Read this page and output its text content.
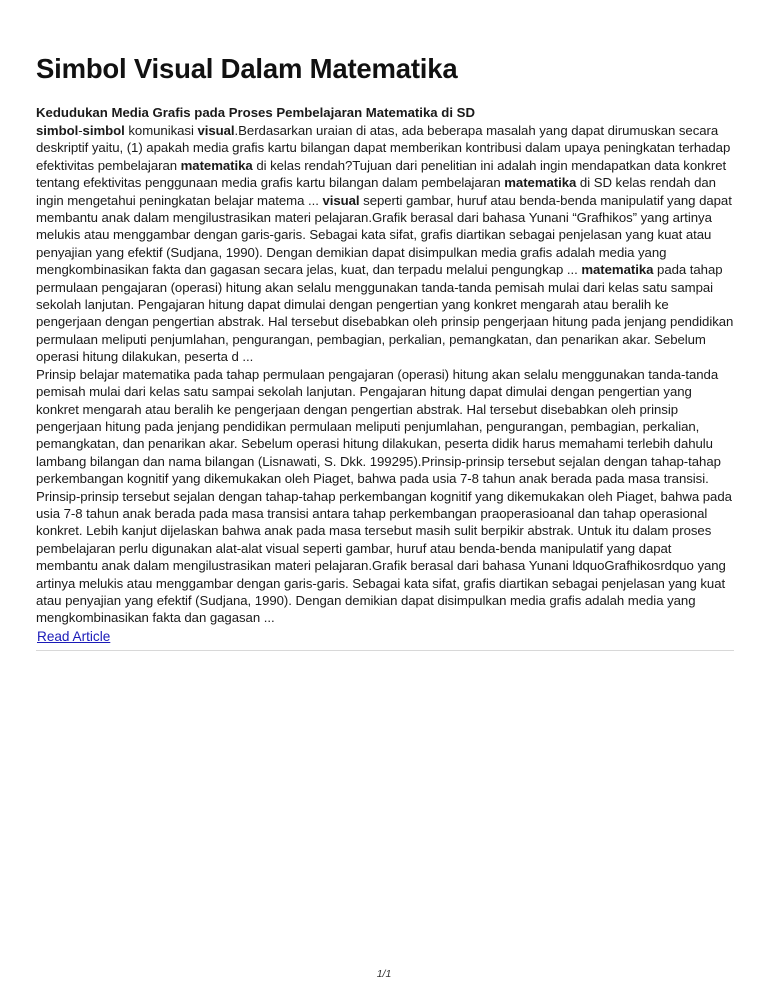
Simbol Visual Dalam Matematika
Kedudukan Media Grafis pada Proses Pembelajaran Matematika di SD

simbol-simbol komunikasi visual.Berdasarkan uraian di atas, ada beberapa masalah yang dapat dirumuskan secara deskriptif yaitu, (1) apakah media grafis kartu bilangan dapat memberikan kontribusi dalam upaya peningkatan terhadap efektivitas pembelajaran matematika di kelas rendah?Tujuan dari penelitian ini adalah ingin mendapatkan data konkret tentang efektivitas penggunaan media grafis kartu bilangan dalam pembelajaran matematika di SD kelas rendah dan ingin mengetahui peningkatan belajar matema ... visual seperti gambar, huruf atau benda-benda manipulatif yang dapat membantu anak dalam mengilustrasikan materi pelajaran.Grafik berasal dari bahasa Yunani “Grafhikos” yang artinya melukis atau menggambar dengan garis-garis. Sebagai kata sifat, grafis diartikan sebagai penjelasan yang kuat atau penyajian yang efektif (Sudjana, 1990). Dengan demikian dapat disimpulkan media grafis adalah media yang mengkombinasikan fakta dan gagasan secara jelas, kuat, dan terpadu melalui pengungkap ... matematika pada tahap permulaan pengajaran (operasi) hitung akan selalu menggunakan tanda-tanda pemisah mulai dari kelas satu sampai sekolah lanjutan. Pengajaran hitung dapat dimulai dengan pengertian yang konkret mengarah atau beralih ke pengerjaan dengan pengertian abstrak. Hal tersebut disebabkan oleh prinsip pengerjaan hitung pada jenjang pendidikan permulaan meliputi penjumlahan, pengurangan, pembagian, perkalian, pemangkatan, dan penarikan akar. Sebelum operasi hitung dilakukan, peserta d ...

Prinsip belajar matematika pada tahap permulaan pengajaran (operasi) hitung akan selalu menggunakan tanda-tanda pemisah mulai dari kelas satu sampai sekolah lanjutan. Pengajaran hitung dapat dimulai dengan pengertian yang konkret mengarah atau beralih ke pengerjaan dengan pengertian abstrak. Hal tersebut disebabkan oleh prinsip pengerjaan hitung pada jenjang pendidikan permulaan meliputi penjumlahan, pengurangan, pembagian, perkalian, pemangkatan, dan penarikan akar. Sebelum operasi hitung dilakukan, peserta didik harus memahami terlebih dahulu lambang bilangan dan nama bilangan (Lisnawati, S. Dkk. 199295).Prinsip-prinsip tersebut sejalan dengan tahap-tahap perkembangan kognitif yang dikemukakan oleh Piaget, bahwa pada usia 7-8 tahun anak berada pada masa transisi. Prinsip-prinsip tersebut sejalan dengan tahap-tahap perkembangan kognitif yang dikemukakan oleh Piaget, bahwa pada usia 7-8 tahun anak berada pada masa transisi antara tahap perkembangan praoperasioanal dan tahap operasional konkret. Lebih kanjut dijelaskan bahwa anak pada masa tersebut masih sulit berpikir abstrak. Untuk itu dalam proses pembelajaran perlu digunakan alat-alat visual seperti gambar, huruf atau benda-benda manipulatif yang dapat membantu anak dalam mengilustrasikan materi pelajaran.Grafik berasal dari bahasa Yunani ldquoGrafhikosrdquo yang artinya melukis atau menggambar dengan garis-garis. Sebagai kata sifat, grafis diartikan sebagai penjelasan yang kuat atau penyajian yang efektif (Sudjana, 1990). Dengan demikian dapat disimpulkan media grafis adalah media yang mengkombinasikan fakta dan gagasan ...

Read Article
1/1
